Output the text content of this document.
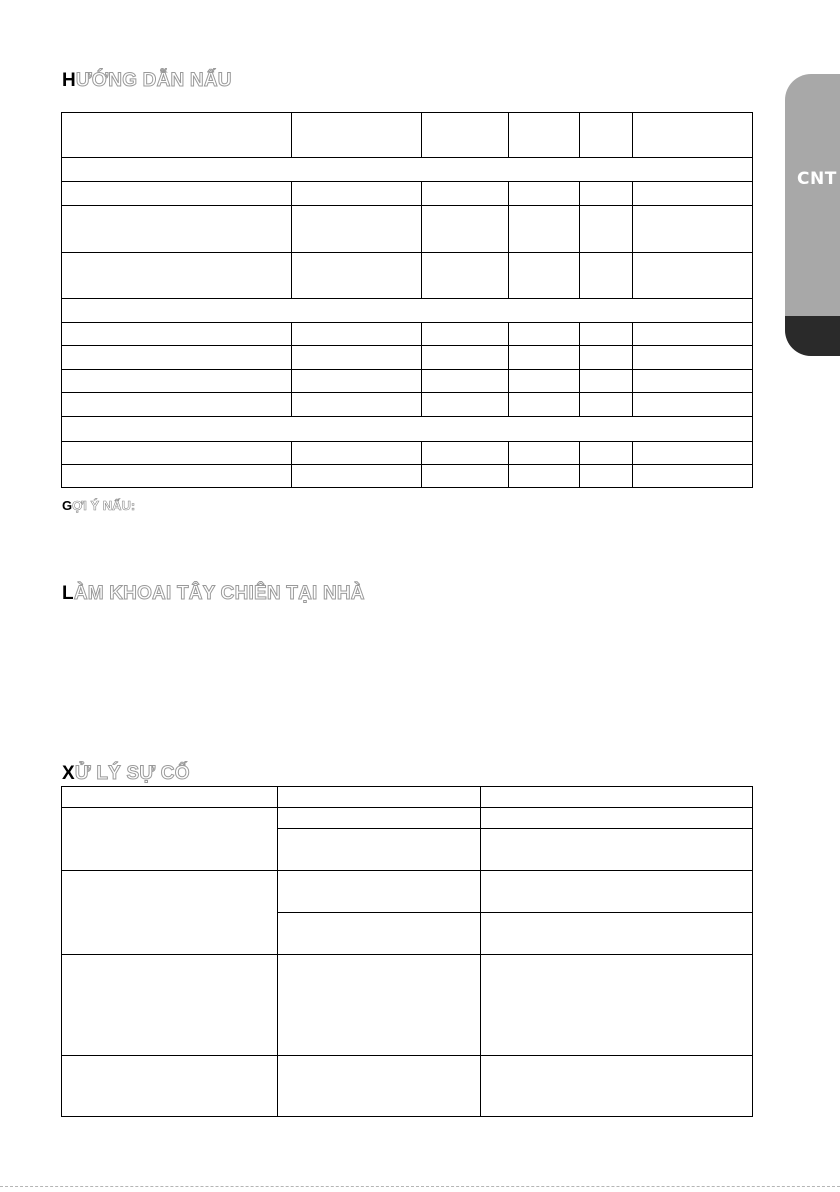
CNT
HƯỚNG DẪN NẤU

GỢI Ý NẤU:

LÀM KHOAI TÂY CHIÊN TẠI NHÀ
XỬ LÝ SỰ CỐ
